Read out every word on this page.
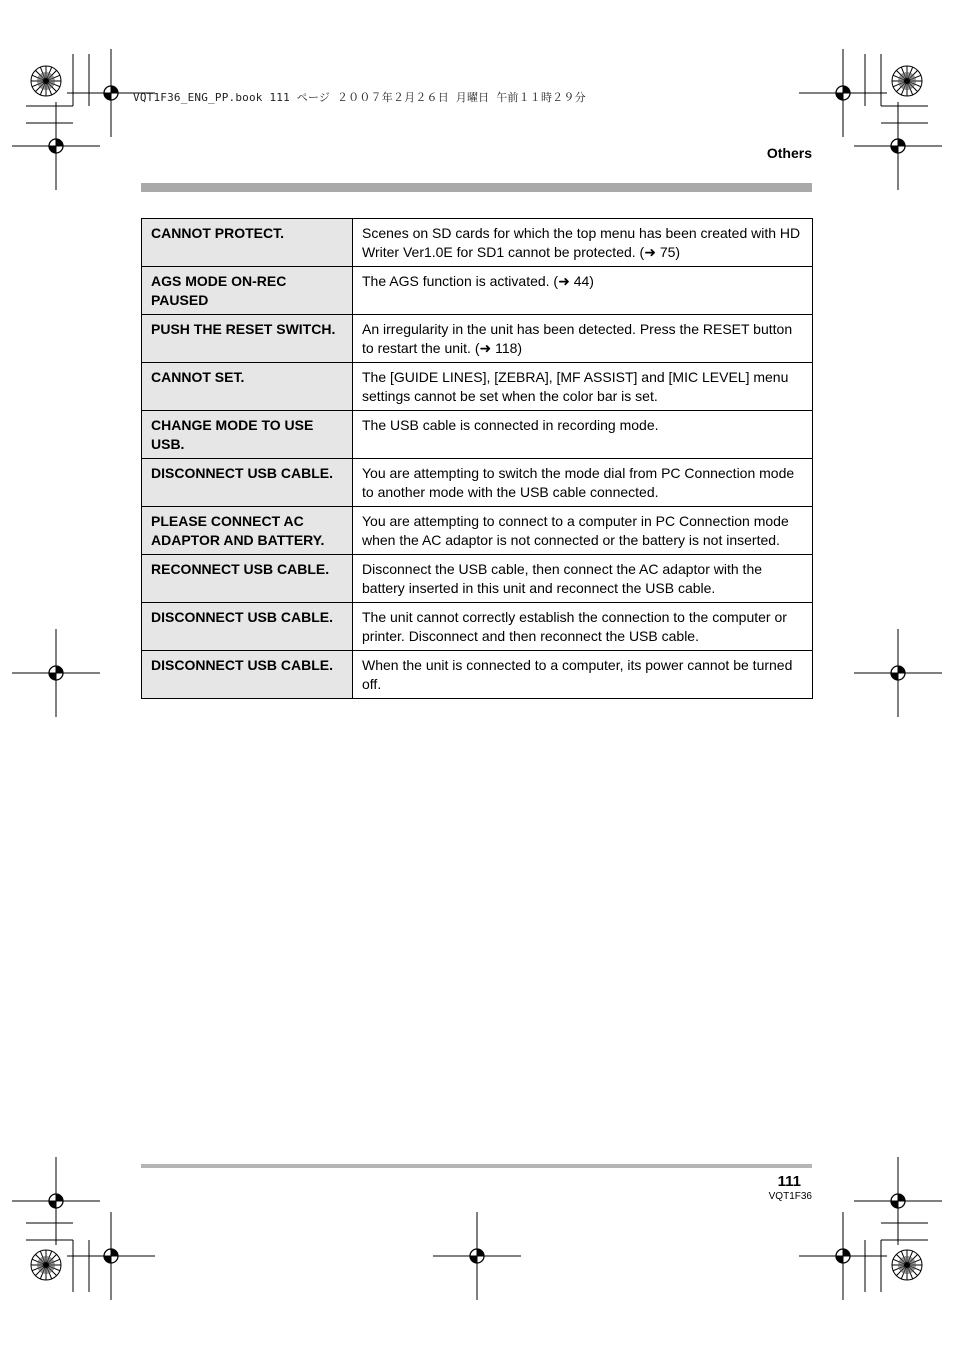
VQT1F36_ENG_PP.book 111 ページ ２００７年２月２６日 月曜日 午前１１時２９分
Others
CANNOT PROTECT.	Scenes on SD cards for which the top menu has been created with HD Writer Ver1.0E for SD1 cannot be protected. (➜ 75)
AGS MODE ON-REC PAUSED	The AGS function is activated. (➜ 44)
PUSH THE RESET SWITCH.	An irregularity in the unit has been detected. Press the RESET button to restart the unit. (➜ 118)
CANNOT SET.	The [GUIDE LINES], [ZEBRA], [MF ASSIST] and [MIC LEVEL] menu settings cannot be set when the color bar is set.
CHANGE MODE TO USE USB.	The USB cable is connected in recording mode.
DISCONNECT USB CABLE.	You are attempting to switch the mode dial from PC Connection mode to another mode with the USB cable connected.
PLEASE CONNECT AC ADAPTOR AND BATTERY.	You are attempting to connect to a computer in PC Connection mode when the AC adaptor is not connected or the battery is not inserted.
RECONNECT USB CABLE.	Disconnect the USB cable, then connect the AC adaptor with the battery inserted in this unit and reconnect the USB cable.
DISCONNECT USB CABLE.	The unit cannot correctly establish the connection to the computer or printer. Disconnect and then reconnect the USB cable.
DISCONNECT USB CABLE.	When the unit is connected to a computer, its power cannot be turned off.
111
VQT1F36
